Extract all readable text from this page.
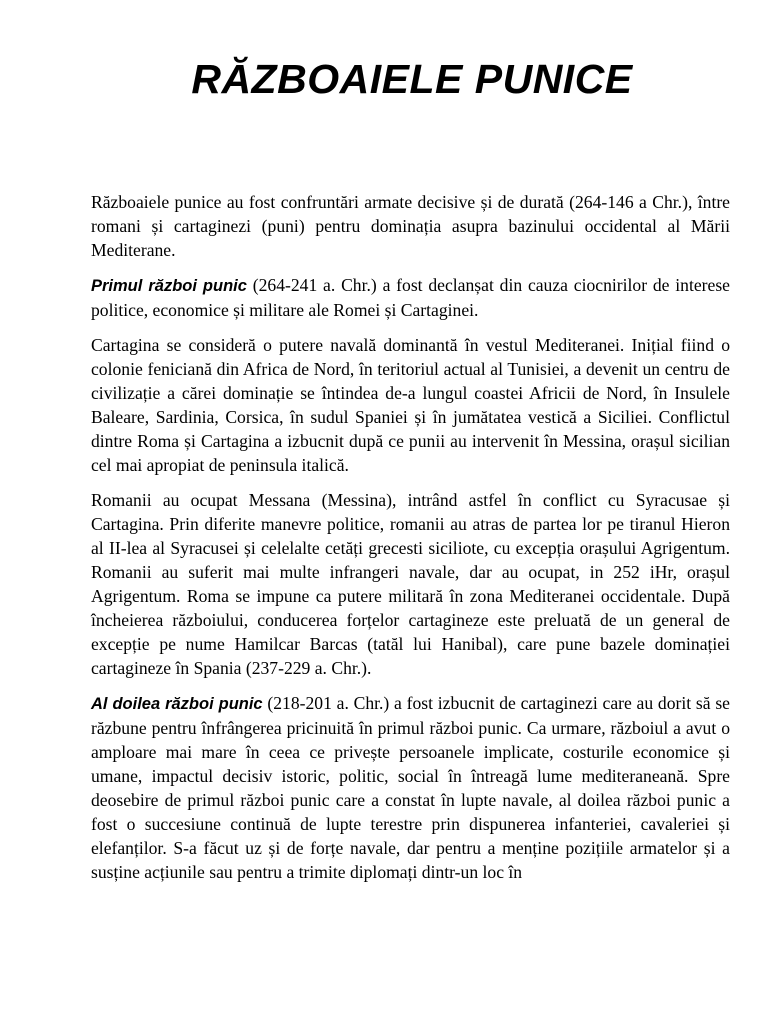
RĂZBOAIELE PUNICE

Războaiele punice au fost confruntări armate decisive și de durată (264-146 a Chr.), între romani și cartaginezi (puni) pentru dominația asupra bazinului occidental al Mării Mediterane.

Primul război punic (264-241 a. Chr.) a fost declanșat din cauza ciocnirilor de interese politice, economice și militare ale Romei și Cartaginei.

Cartagina se consideră o putere navală dominantă în vestul Mediteranei. Inițial fiind o colonie feniciană din Africa de Nord, în teritoriul actual al Tunisiei, a devenit un centru de civilizație a cărei dominație se întindea de-a lungul coastei Africii de Nord, în Insulele Baleare, Sardinia, Corsica, în sudul Spaniei și în jumătatea vestică a Siciliei. Conflictul dintre Roma și Cartagina a izbucnit după ce punii au intervenit în Messina, orașul sicilian cel mai apropiat de peninsula italică.

Romanii au ocupat Messana (Messina), intrând astfel în conflict cu Syracusae și Cartagina. Prin diferite manevre politice, romanii au atras de partea lor pe tiranul Hieron al II-lea al Syracusei și celelalte cetăți grecesti siciliote, cu excepția orașului Agrigentum. Romanii au suferit mai multe infrangeri navale, dar au ocupat, in 252 iHr, orașul Agrigentum. Roma se impune ca putere militară în zona Mediteranei occidentale. După încheierea războiului, conducerea forțelor cartagineze este preluată de un general de excepție pe nume Hamilcar Barcas (tatăl lui Hanibal), care pune bazele dominației cartagineze în Spania (237-229 a. Chr.).

Al doilea război punic (218-201 a. Chr.) a fost izbucnit de cartaginezi care au dorit să se răzbune pentru înfrângerea pricinuită în primul război punic. Ca urmare, războiul a avut o amploare mai mare în ceea ce privește persoanele implicate, costurile economice și umane, impactul decisiv istoric, politic, social în întreagă lume mediteraneană. Spre deosebire de primul război punic care a constat în lupte navale, al doilea război punic a fost o succesiune continuă de lupte terestre prin dispunerea infanteriei, cavaleriei și elefanților. S-a făcut uz și de forțe navale, dar pentru a menține pozițiile armatelor și a susține acțiunile sau pentru a trimite diplomați dintr-un loc în
